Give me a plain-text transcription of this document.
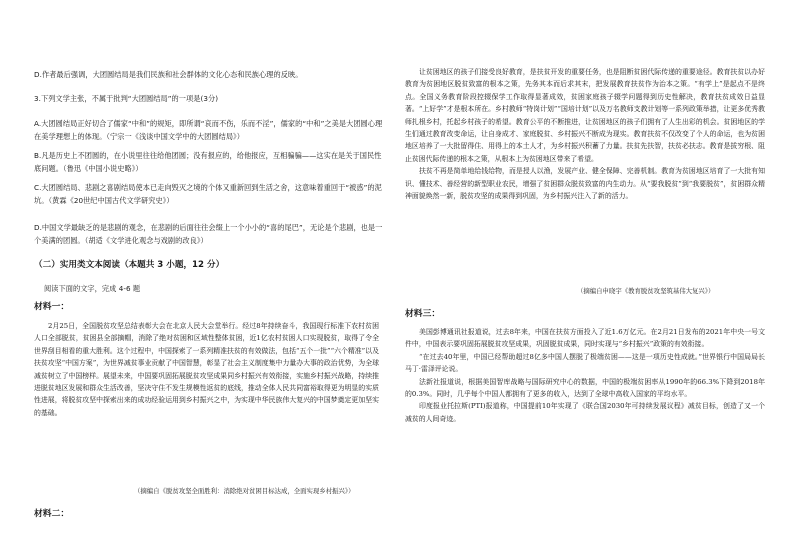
D.作者最后强调，大团圆结局是我们民族和社会群体的文化心态和民族心理的反映。

3.下列文学主张，不属于批判“大团圆结局”的一项是(3分)

A.大团圆结局正好切合了儒家“中和”的规矩，即所谓“哀而不伤，乐而不淫”，儒家的“中和”之美是大团圆心理在美学理想上的体现。（宁宗一《浅谈中国文学中的大团圆结局》）

B.凡是历史上不团圆的，在小说里往往给他团圆；没有报应的，给他报应，互相骗骗——这实在是关于国民性底问题。（鲁迅《中国小说史略》）

C.大团圆结局、悲剧之喜剧结局使本已走向毁灭之境的个体又重新回到生活之舍，这意味着重回于“被惑”的泥坑。（黄霖《20世纪中国古代文学研究史》）

D.中国文学最缺乏的是悲剧的观念，在悲剧的后面往往会缀上一个小小的“喜的尾巴”，无论是个悲剧，也是一个美满的团圆。（胡适《文学进化观念与戏剧的改良》）

（二）实用类文本阅读（本题共 3 小题，12 分）

阅读下面的文字，完成 4-6 题

材料一：

2月25日，全国脱贫攻坚总结表彰大会在北京人民大会堂举行。经过8年持续奋斗，我国现行标准下农村贫困人口全部脱贫，贫困县全部摘帽，消除了绝对贫困和区域性整体贫困，近1亿农村贫困人口实现脱贫，取得了令全世界刮目相看的重大胜利。这个过程中，中国探索了一系列精准扶贫的有效做法，包括“五个一批”“六个精准”以及扶贫攻坚“中国方案”，为世界减贫事业贡献了中国智慧，彰显了社会主义制度集中力量办大事的政治优势，为全球减贫树立了中国榜样。展望未来，中国要巩固拓展脱贫攻坚成果同乡村振兴有效衔接，实施乡村振兴战略，持续推进脱贫地区发展和群众生活改善，坚决守住不发生规模性返贫的底线，推动全体人民共同富裕取得更为明显的实质性进展，将脱贫攻坚中探索出来的成功经验运用到乡村振兴之中，为实现中华民族伟大复兴的中国梦奠定更加坚实的基础。

（摘编自《脱贫攻坚全面胜利：消除绝对贫困目标达成，全面实现乡村振兴》）

材料二：

让贫困地区的孩子们接受良好教育，是扶贫开发的重要任务，也是阻断贫困代际传递的重要途径。教育扶贫以办好教育为贫困地区脱贫致富的根本之策，先务其本而后求其末，把发展教育扶贫作为治本之策。“有学上”是起点不是终点。全国义务教育阶段控辍保学工作取得显著成效，贫困家庭孩子辍学问题得到历史性解决，教育扶贫成效日益显著。“上好学”才是根本所在。乡村教师“特岗计划”“国培计划”以及万名教师支教计划等一系列政策举措，让更多优秀教师扎根乡村，托起乡村孩子的希望。教育公平的不断推进，让贫困地区的孩子们拥有了人生出彩的机会。贫困地区的学生们通过教育改变命运，让自身成才、家庭脱贫、乡村振兴不断成为现实。教育扶贫不仅改变了个人的命运，也为贫困地区培养了一大批留得住、用得上的本土人才，为乡村振兴积蓄了力量。扶贫先扶智，扶贫必扶志。教育是拔穷根、阻止贫困代际传递的根本之策，从根本上为贫困地区带来了希望。
扶贫不再是简单地给钱给物，而是授人以渔，发展产业、健全保障、完善机制。教育为贫困地区培育了一大批有知识、懂技术、善经营的新型职业农民，增强了贫困群众脱贫致富的内生动力。从“要我脱贫”到“我要脱贫”，贫困群众精神面貌焕然一新，脱贫攻坚的成果得到巩固，为乡村振兴注入了新的活力。

（摘编自申晓宇《教育脱贫攻坚筑基伟大复兴》）

材料三：

美国彭博通讯社报道说，过去8年来，中国在扶贫方面投入了近1.6万亿元。在2月21日发布的2021年中央一号文件中，中国表示要巩固拓展脱贫攻坚成果，巩固脱贫成果，同时实现与“乡村振兴”政策的有效衔接。
“在过去40年里，中国已经帮助超过8亿多中国人摆脱了极端贫困——这是一项历史性成就。”世界银行中国局局长马丁·雷泽评论说。
法新社报道说，根据美国智库战略与国际研究中心的数据，中国的极端贫困率从1990年的66.3%下降到2018年的0.3%。同时，几乎每个中国人都拥有了更多的收入，达到了全球中高收入国家的平均水平。
印度报业托拉斯(PTI)报道称，中国提前10年实现了《联合国2030年可持续发展议程》减贫目标，创造了又一个减贫的人间奇迹。
